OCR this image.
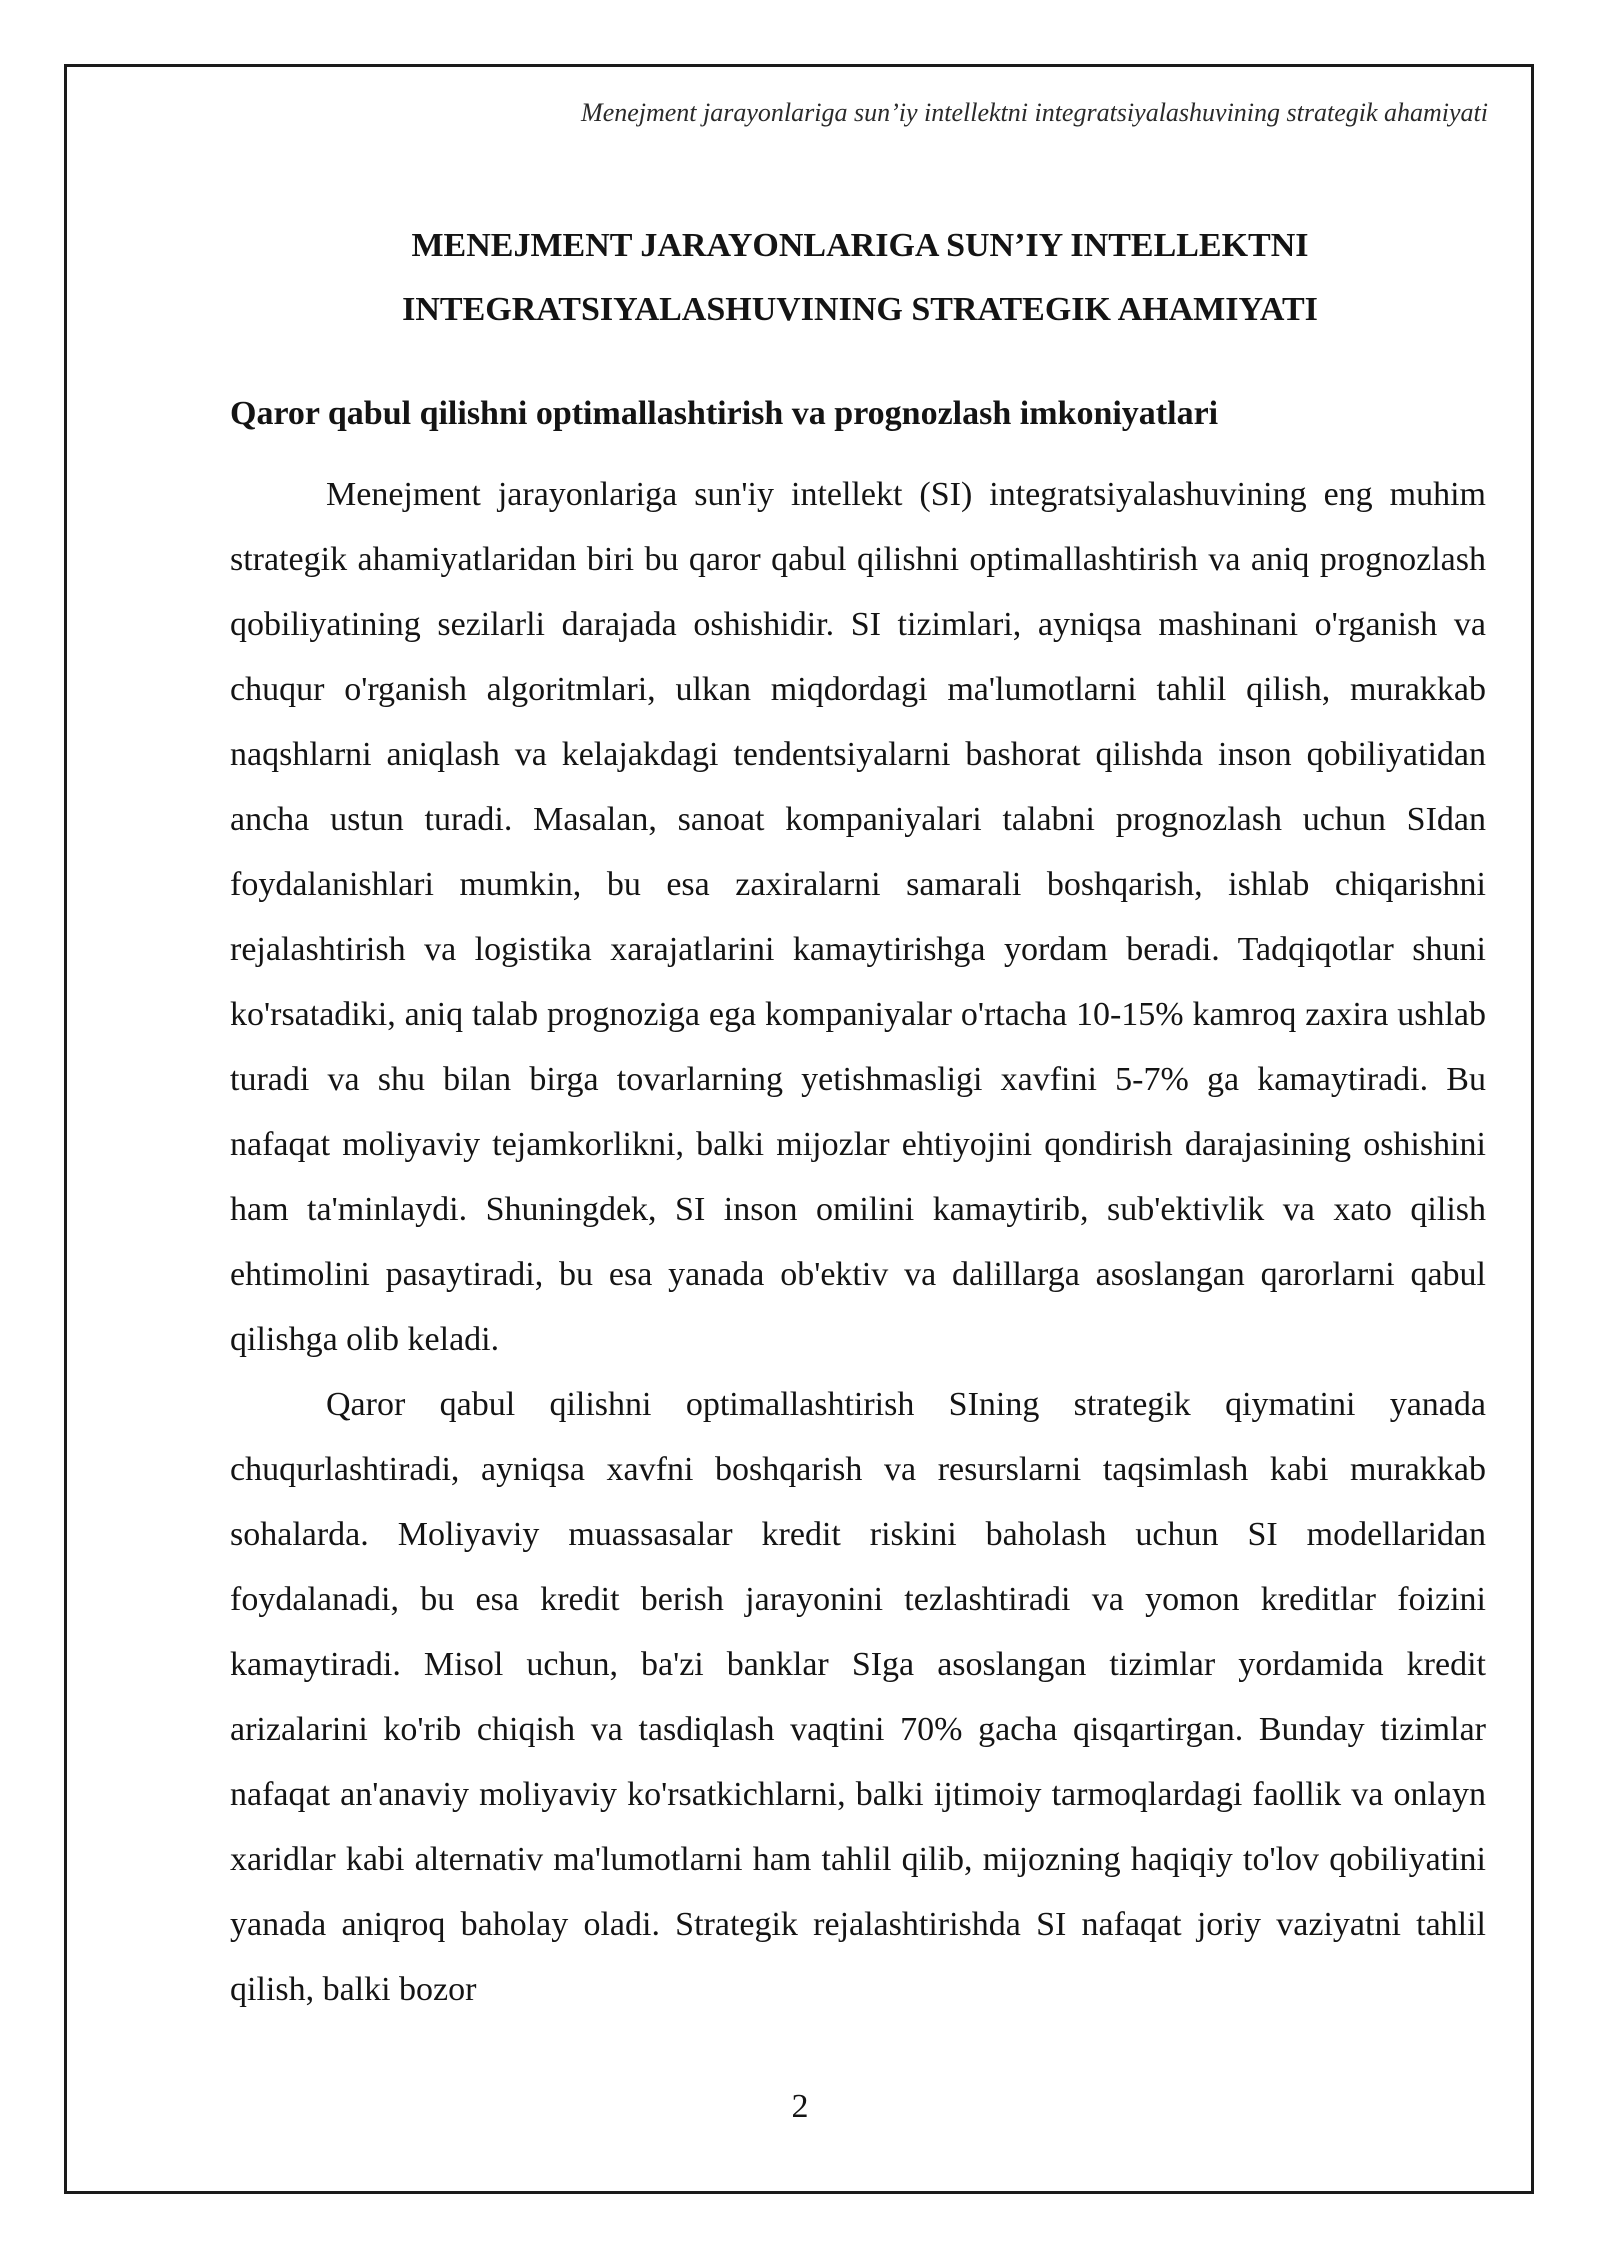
Menejment jarayonlariga sun’iy intellektni integratsiyalashuvining strategik ahamiyati
MENEJMENT JARAYONLARIGA SUN’IY INTELLEKTNI
INTEGRATSIYALASHUVINING STRATEGIK AHAMIYATI
Qaror qabul qilishni optimallashtirish va prognozlash imkoniyatlari

Menejment jarayonlariga sun'iy intellekt (SI) integratsiyalashuvining eng muhim strategik ahamiyatlaridan biri bu qaror qabul qilishni optimallashtirish va aniq prognozlash qobiliyatining sezilarli darajada oshishidir. SI tizimlari, ayniqsa mashinani o'rganish va chuqur o'rganish algoritmlari, ulkan miqdordagi ma'lumotlarni tahlil qilish, murakkab naqshlarni aniqlash va kelajakdagi tendentsiyalarni bashorat qilishda inson qobiliyatidan ancha ustun turadi. Masalan, sanoat kompaniyalari talabni prognozlash uchun SIdan foydalanishlari mumkin, bu esa zaxiralarni samarali boshqarish, ishlab chiqarishni rejalashtirish va logistika xarajatlarini kamaytirishga yordam beradi. Tadqiqotlar shuni ko'rsatadiki, aniq talab prognoziga ega kompaniyalar o'rtacha 10-15% kamroq zaxira ushlab turadi va shu bilan birga tovarlarning yetishmasligi xavfini 5-7% ga kamaytiradi. Bu nafaqat moliyaviy tejamkorlikni, balki mijozlar ehtiyojini qondirish darajasining oshishini ham ta'minlaydi. Shuningdek, SI inson omilini kamaytirib, sub'ektivlik va xato qilish ehtimolini pasaytiradi, bu esa yanada ob'ektiv va dalillarga asoslangan qarorlarni qabul qilishga olib keladi.

Qaror qabul qilishni optimallashtirish SIning strategik qiymatini yanada chuqurlashtiradi, ayniqsa xavfni boshqarish va resurslarni taqsimlash kabi murakkab sohalarda. Moliyaviy muassasalar kredit riskini baholash uchun SI modellaridan foydalanadi, bu esa kredit berish jarayonini tezlashtiradi va yomon kreditlar foizini kamaytiradi. Misol uchun, ba'zi banklar SIga asoslangan tizimlar yordamida kredit arizalarini ko'rib chiqish va tasdiqlash vaqtini 70% gacha qisqartirgan. Bunday tizimlar nafaqat an'anaviy moliyaviy ko'rsatkichlarni, balki ijtimoiy tarmoqlardagi faollik va onlayn xaridlar kabi alternativ ma'lumotlarni ham tahlil qilib, mijozning haqiqiy to'lov qobiliyatini yanada aniqroq baholay oladi. Strategik rejalashtirishda SI nafaqat joriy vaziyatni tahlil qilish, balki bozor

2
